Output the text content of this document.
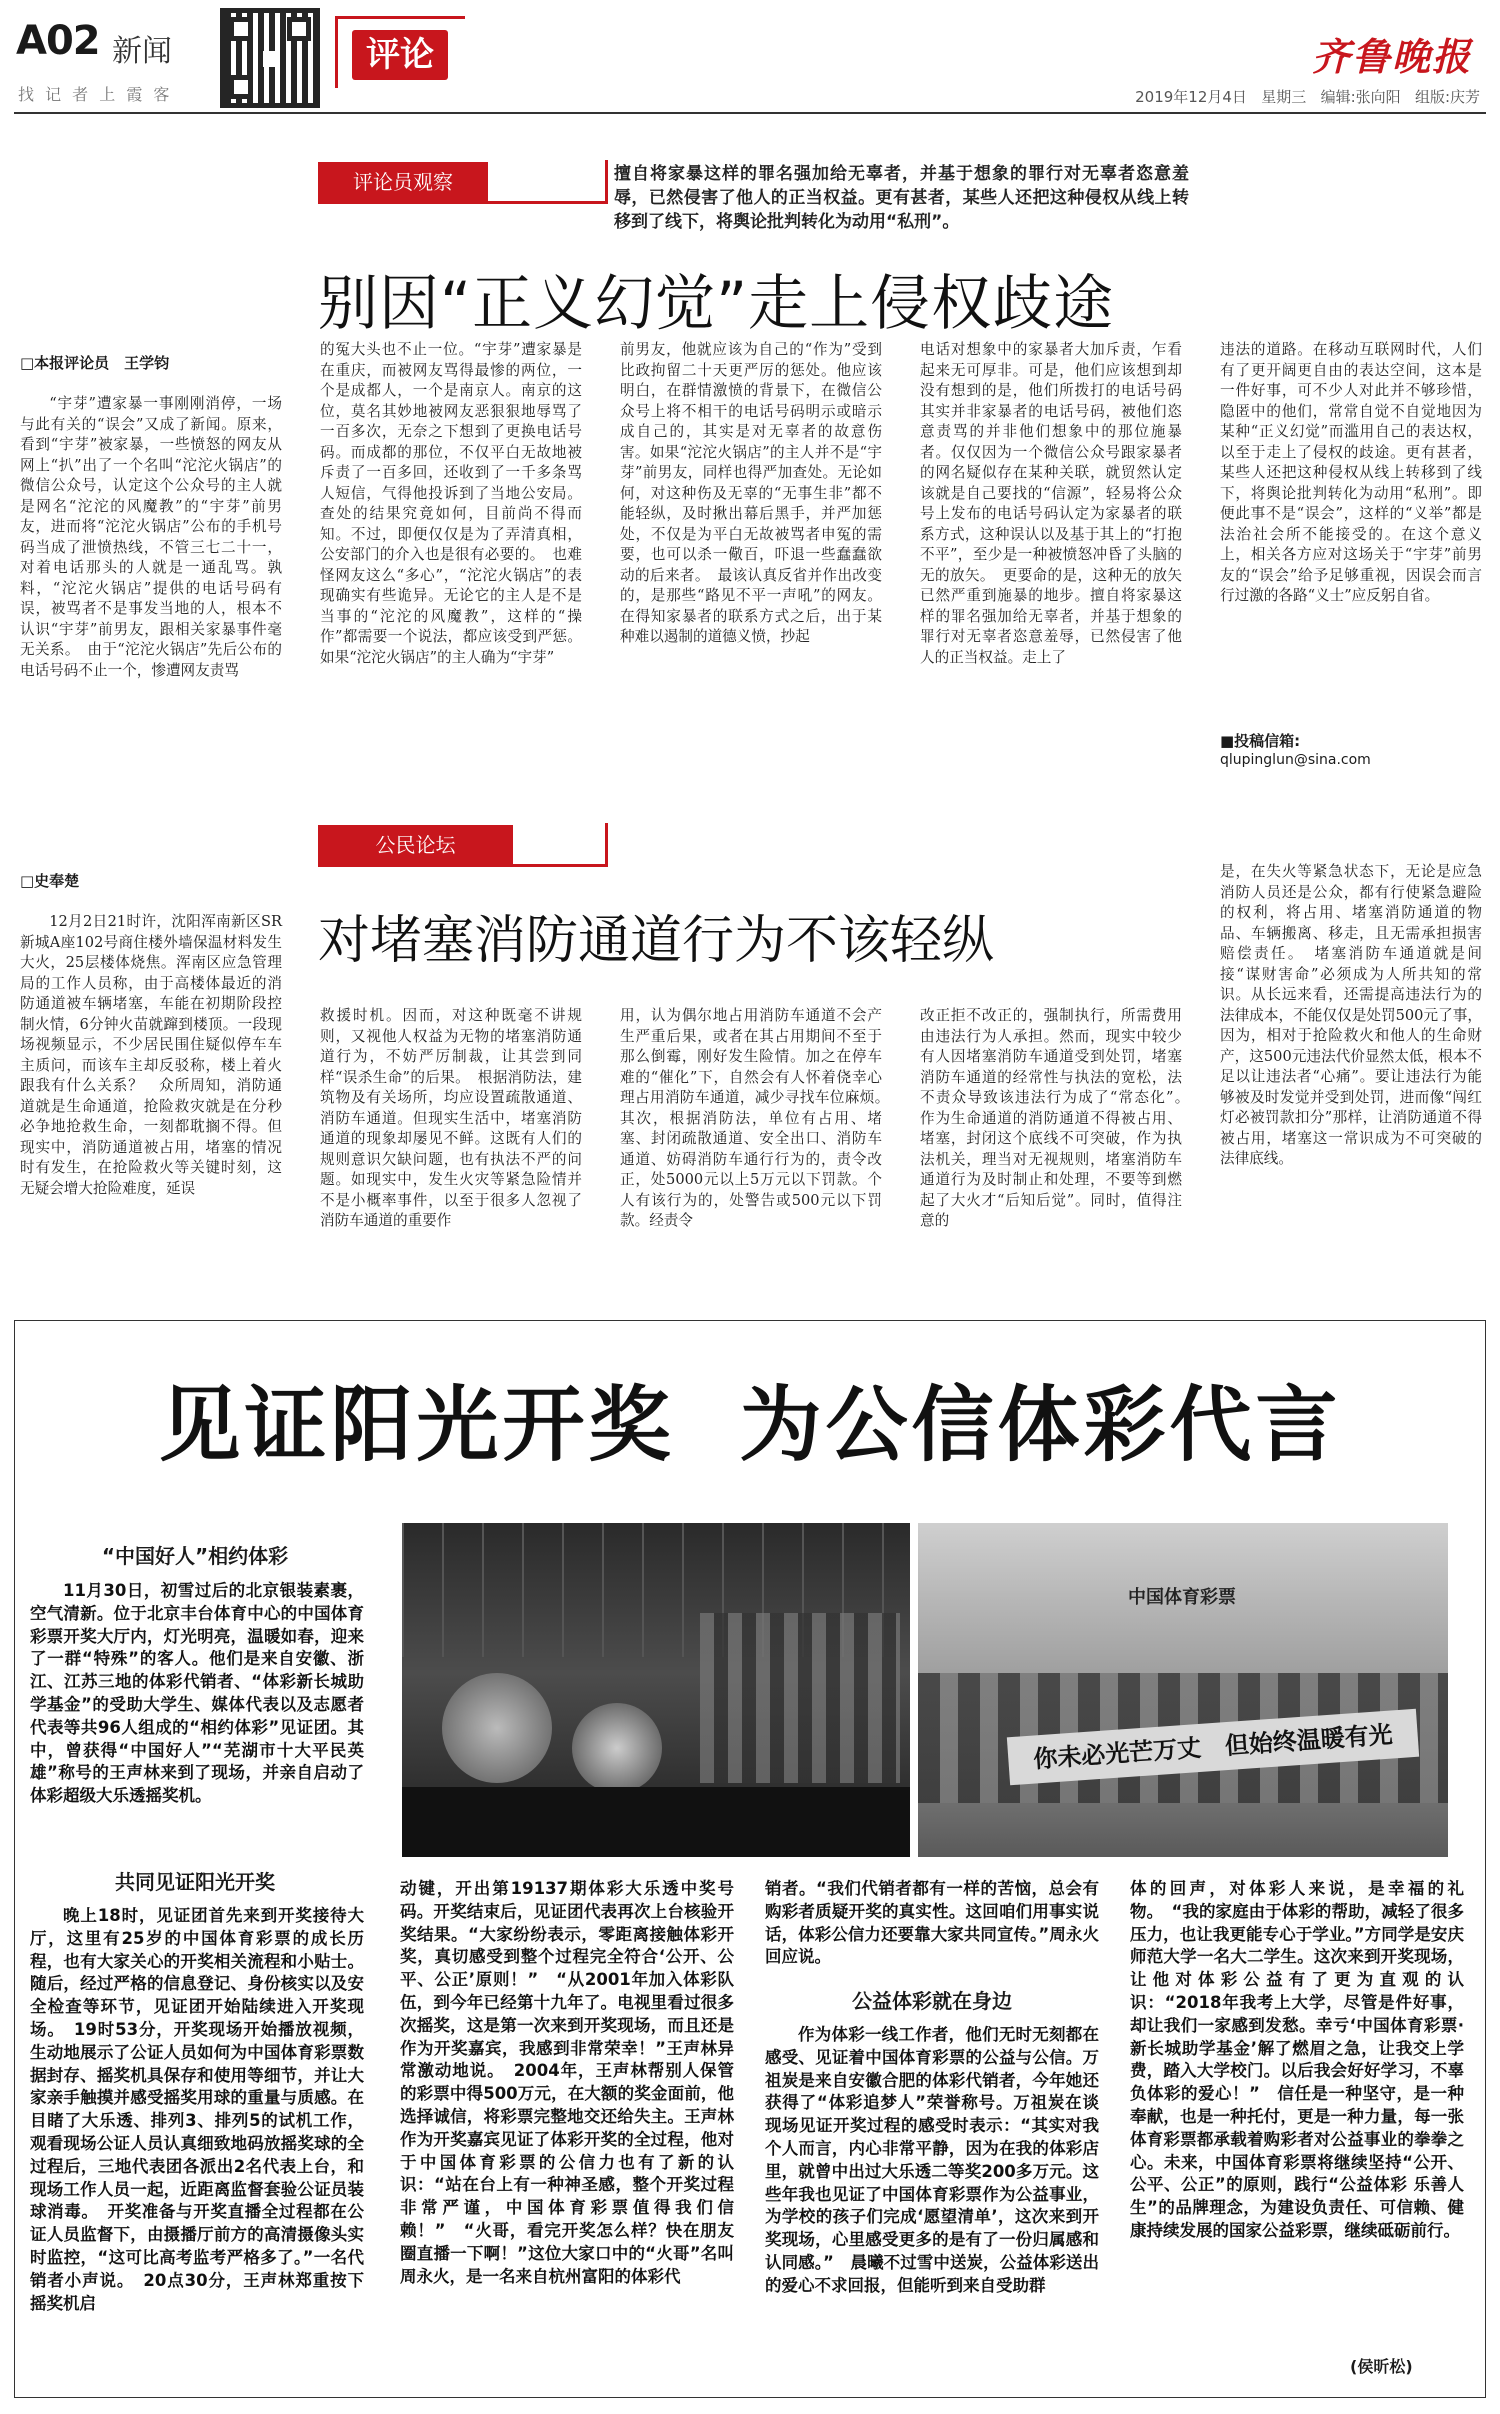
A02 新闻
找 记 者 上 霞 客
评论	齐鲁晚报
2019年12月4日 星期三 编辑:张向阳 组版:庆芳
评论员观察	擅自将家暴这样的罪名强加给无辜者，并基于想象的罪行对无辜者恣意羞辱，已然侵害了他人的正当权益。更有甚者，某些人还把这种侵权从线上转移到了线下，将舆论批判转化为动用“私刑”。
别因“正义幻觉”走上侵权歧途
□本报评论员　王学钧

“宇芽”遭家暴一事刚刚消停，一场与此有关的“误会”又成了新闻。原来，看到“宇芽”被家暴，一些愤怒的网友从网上“扒”出了一个名叫“沱沱火锅店”的微信公众号，认定这个公众号的主人就是网名“沱沱的风魔教”的“宇芽”前男友，进而将“沱沱火锅店”公布的手机号码当成了泄愤热线，不管三七二十一，对着电话那头的人就是一通乱骂。孰料，“沱沱火锅店”提供的电话号码有误，被骂者不是事发当地的人，根本不认识“宇芽”前男友，跟相关家暴事件毫无关系。　由于“沱沱火锅店”先后公布的电话号码不止一个，惨遭网友责骂

的冤大头也不止一位。“宇芽”遭家暴是在重庆，而被网友骂得最惨的两位，一个是成都人，一个是南京人。南京的这位，莫名其妙地被网友恶狠狠地辱骂了一百多次，无奈之下想到了更换电话号码。而成都的那位，不仅平白无故地被斥责了一百多回，还收到了一千多条骂人短信，气得他投诉到了当地公安局。查处的结果究竟如何，目前尚不得而知。不过，即便仅仅是为了弄清真相，公安部门的介入也是很有必要的。　也难怪网友这么“多心”，“沱沱火锅店”的表现确实有些诡异。无论它的主人是不是当事的“沱沱的风魔教”，这样的“操作”都需要一个说法，都应该受到严惩。如果“沱沱火锅店”的主人确为“宇芽”

前男友，他就应该为自己的“作为”受到比政拘留二十天更严厉的惩处。他应该明白，在群情激愤的背景下，在微信公众号上将不相干的电话号码明示或暗示成自己的，其实是对无辜者的故意伤害。如果“沱沱火锅店”的主人并不是“宇芽”前男友，同样也得严加查处。无论如何，对这种伤及无辜的“无事生非”都不能轻纵，及时揪出幕后黑手，并严加惩处，不仅是为平白无故被骂者申冤的需要，也可以杀一儆百，吓退一些蠢蠢欲动的后来者。　最该认真反省并作出改变的，是那些“路见不平一声吼”的网友。在得知家暴者的联系方式之后，出于某种难以遏制的道德义愤，抄起

电话对想象中的家暴者大加斥责，乍看起来无可厚非。可是，他们应该想到却没有想到的是，他们所拨打的电话号码其实并非家暴者的电话号码，被他们恣意责骂的并非他们想象中的那位施暴者。仅仅因为一个微信公众号跟家暴者的网名疑似存在某种关联，就贸然认定该就是自己要找的“信源”，轻易将公众号上发布的电话号码认定为家暴者的联系方式，这种误认以及基于其上的“打抱不平”，至少是一种被愤怒冲昏了头脑的无的放矢。　更要命的是，这种无的放矢已然严重到施暴的地步。擅自将家暴这样的罪名强加给无辜者，并基于想象的罪行对无辜者恣意羞辱，已然侵害了他人的正当权益。走上了

违法的道路。在移动互联网时代，人们有了更开阔更自由的表达空间，这本是一件好事，可不少人对此并不够珍惜，隐匿中的他们，常常自觉不自觉地因为某种“正义幻觉”而滥用自己的表达权，以至于走上了侵权的歧途。更有甚者，某些人还把这种侵权从线上转移到了线下，将舆论批判转化为动用“私刑”。即便此事不是“误会”，这样的“义举”都是法治社会所不能接受的。在这个意义上，相关各方应对这场关于“宇芽”前男友的“误会”给予足够重视，因误会而言行过激的各路“义士”应反躬自省。

■投稿信箱:
qlupinglun@sina.com
公民论坛
对堵塞消防通道行为不该轻纵
□史奉楚

12月2日21时许，沈阳浑南新区SR新城A座102号商住楼外墙保温材料发生大火，25层楼体烧焦。浑南区应急管理局的工作人员称，由于高楼体最近的消防通道被车辆堵塞，车能在初期阶段控制火情，6分钟火苗就蹿到楼顶。一段现场视频显示，不少居民围住疑似停车车主质问，而该车主却反驳称，楼上着火跟我有什么关系？　众所周知，消防通道就是生命通道，抢险救灾就是在分秒必争地抢救生命，一刻都耽搁不得。但现实中，消防通道被占用，堵塞的情况时有发生，在抢险救火等关键时刻，这无疑会增大抢险难度，延误

救援时机。因而，对这种既毫不讲规则，又视他人权益为无物的堵塞消防通道行为，不妨严厉制裁，让其尝到同样“误杀生命”的后果。　根据消防法，建筑物及有关场所，均应设置疏散通道、消防车通道。但现实生活中，堵塞消防通道的现象却屡见不鲜。这既有人们的规则意识欠缺问题，也有执法不严的问题。如现实中，发生火灾等紧急险情并不是小概率事件，以至于很多人忽视了消防车通道的重要作

用，认为偶尔地占用消防车通道不会产生严重后果，或者在其占用期间不至于那么倒霉，刚好发生险情。加之在停车难的“催化”下，自然会有人怀着侥幸心理占用消防车通道，减少寻找车位麻烦。　其次，根据消防法，单位有占用、堵塞、封闭疏散通道、安全出口、消防车通道、妨碍消防车通行行为的，责令改正，处5000元以上5万元以下罚款。个人有该行为的，处警告或500元以下罚款。经责令

改正拒不改正的，强制执行，所需费用由违法行为人承担。然而，现实中较少有人因堵塞消防车通道受到处罚，堵塞消防车通道的经常性与执法的宽松，法不责众导致该违法行为成了“常态化”。　作为生命通道的消防通道不得被占用、堵塞，封闭这个底线不可突破，作为执法机关，理当对无视规则，堵塞消防车通道行为及时制止和处理，不要等到燃起了大火才“后知后觉”。同时，值得注意的

是，在失火等紧急状态下，无论是应急消防人员还是公众，都有行使紧急避险的权利，将占用、堵塞消防通道的物品、车辆搬离、移走，且无需承担损害赔偿责任。　堵塞消防车通道就是间接“谋财害命”必须成为人所共知的常识。从长远来看，还需提高违法行为的法律成本，不能仅仅是处罚500元了事，因为，相对于抢险救火和他人的生命财产，这500元违法代价显然太低，根本不足以让违法者“心痛”。要让违法行为能够被及时发觉并受到处罚，进而像“闯红灯必被罚款扣分”那样，让消防通道不得被占用，堵塞这一常识成为不可突破的法律底线。

见证阳光开奖  为公信体彩代言
“中国好人”相约体彩
中国体育彩票
你未必光芒万丈　但始终温暖有光

11月30日，初雪过后的北京银装素裹，空气清新。位于北京丰台体育中心的中国体育彩票开奖大厅内，灯光明亮，温暖如春，迎来了一群“特殊”的客人。他们是来自安徽、浙江、江苏三地的体彩代销者、“体彩新长城助学基金”的受助大学生、媒体代表以及志愿者代表等共96人组成的“相约体彩”见证团。其中，曾获得“中国好人”“芜湖市十大平民英雄”称号的王声林来到了现场，并亲自启动了体彩超级大乐透摇奖机。

共同见证阳光开奖

晚上18时，见证团首先来到开奖接待大厅，这里有25岁的中国体育彩票的成长历程，也有大家关心的开奖相关流程和小贴士。随后，经过严格的信息登记、身份核实以及安全检查等环节，见证团开始陆续进入开奖现场。　19时53分，开奖现场开始播放视频，生动地展示了公证人员如何为中国体育彩票数据封存、摇奖机具保存和使用等细节，并让大家亲手触摸并感受摇奖用球的重量与质感。在目睹了大乐透、排列3、排列5的试机工作，观看现场公证人员认真细致地码放摇奖球的全过程后，三地代表团各派出2名代表上台，和现场工作人员一起，近距离监督套验公证员装球消毒。　开奖准备与开奖直播全过程都在公证人员监督下，由摄播厅前方的高清摄像头实时监控，“这可比高考监考严格多了。”一名代销者小声说。　20点30分，王声林郑重按下摇奖机启

动键，开出第19137期体彩大乐透中奖号码。开奖结束后，见证团代表再次上台核验开奖结果。“大家纷纷表示，零距离接触体彩开奖，真切感受到整个过程完全符合‘公开、公平、公正’原则！”　“从2001年加入体彩队伍，到今年已经第十九年了。电视里看过很多次摇奖，这是第一次来到开奖现场，而且还是作为开奖嘉宾，我感到非常荣幸！”王声林异常激动地说。　2004年，王声林帮别人保管的彩票中得500万元，在大额的奖金面前，他选择诚信，将彩票完整地交还给失主。王声林作为开奖嘉宾见证了体彩开奖的全过程，他对于中国体育彩票的公信力也有了新的认识：“站在台上有一种神圣感，整个开奖过程非常严谨，中国体育彩票值得我们信赖！”　“火哥，看完开奖怎么样？快在朋友圈直播一下啊！”这位大家口中的“火哥”名叫周永火，是一名来自杭州富阳的体彩代

销者。“我们代销者都有一样的苦恼，总会有购彩者质疑开奖的真实性。这回咱们用事实说话，体彩公信力还要靠大家共同宣传。”周永火回应说。

公益体彩就在身边

作为体彩一线工作者，他们无时无刻都在感受、见证着中国体育彩票的公益与公信。万祖炭是来自安徽合肥的体彩代销者，今年她还获得了“体彩追梦人”荣誉称号。万祖炭在谈现场见证开奖过程的感受时表示：“其实对我个人而言，内心非常平静，因为在我的体彩店里，就曾中出过大乐透二等奖200多万元。这些年我也见证了中国体育彩票作为公益事业，为学校的孩子们完成‘愿望清单’，这次来到开奖现场，心里感受更多的是有了一份归属感和认同感。”　晨曦不过雪中送炭，公益体彩送出的爱心不求回报，但能听到来自受助群

体的回声，对体彩人来说，是幸福的礼物。　“我的家庭由于体彩的帮助，减轻了很多压力，也让我更能专心于学业。”方同学是安庆师范大学一名大二学生。这次来到开奖现场，让他对体彩公益有了更为直观的认识：“2018年我考上大学，尽管是件好事，却让我们一家感到发愁。幸亏‘中国体育彩票·新长城助学基金’解了燃眉之急，让我交上学费，踏入大学校门。以后我会好好学习，不辜负体彩的爱心！”　信任是一种坚守，是一种奉献，也是一种托付，更是一种力量，每一张体育彩票都承载着购彩者对公益事业的拳拳之心。未来，中国体育彩票将继续坚持“公开、公平、公正”的原则，践行“公益体彩 乐善人生”的品牌理念，为建设负责任、可信赖、健康持续发展的国家公益彩票，继续砥砺前行。

(侯昕松)
